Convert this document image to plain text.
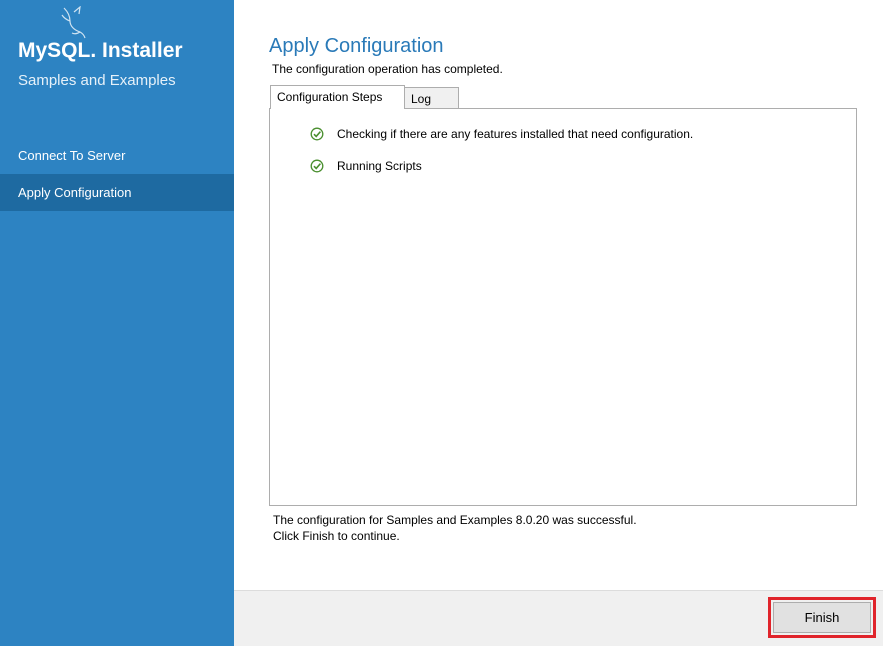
MySQL. Installer
Samples and Examples
Connect To Server
Apply Configuration
Apply Configuration
The configuration operation has completed.
Configuration Steps	Log
Checking if there are any features installed that need configuration.
Running Scripts
The configuration for Samples and Examples 8.0.20 was successful.
Click Finish to continue.
Finish
